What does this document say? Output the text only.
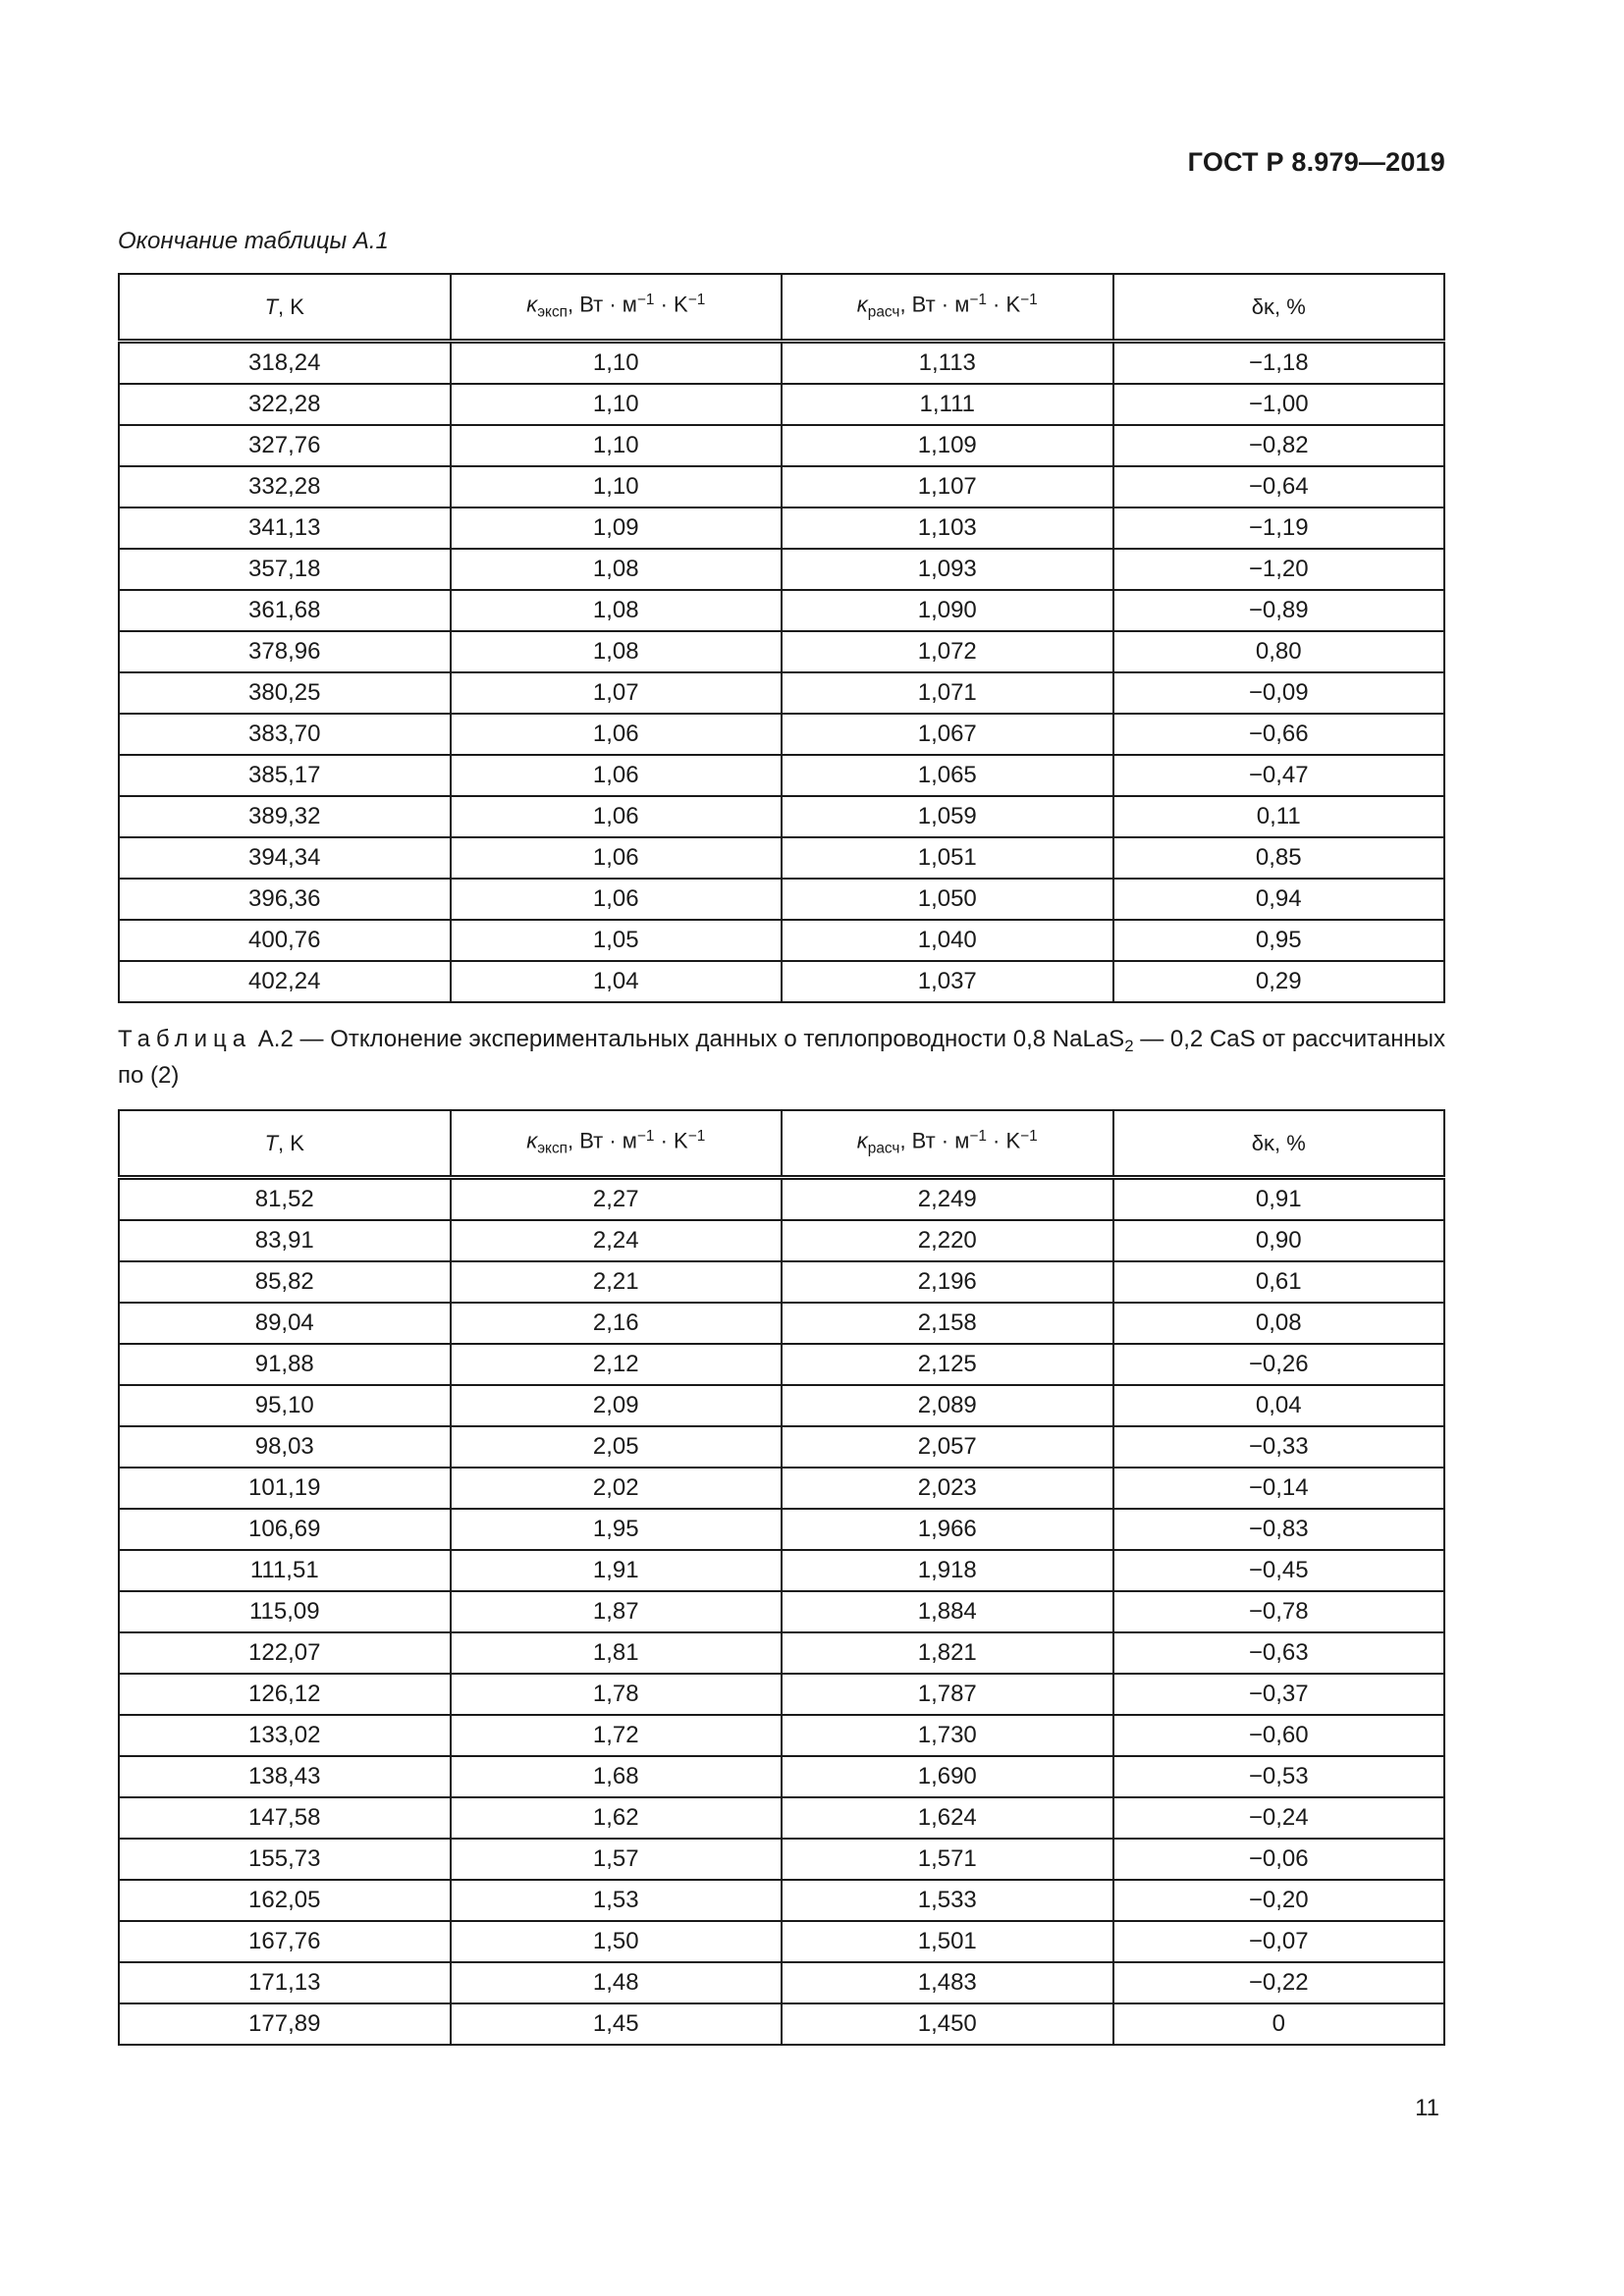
ГОСТ Р 8.979—2019
Окончание таблицы А.1
T, K	$\kappa_{эксп}$, Вт · $м^{-1} \cdot K^{-1}$	$\kappa_{расч}$, Вт · $м^{-1} \cdot K^{-1}$	δκ, %
318,24	1,10	1,113	−1,18
322,28	1,10	1,111	−1,00
327,76	1,10	1,109	−0,82
332,28	1,10	1,107	−0,64
341,13	1,09	1,103	−1,19
357,18	1,08	1,093	−1,20
361,68	1,08	1,090	−0,89
378,96	1,08	1,072	0,80
380,25	1,07	1,071	−0,09
383,70	1,06	1,067	−0,66
385,17	1,06	1,065	−0,47
389,32	1,06	1,059	0,11
394,34	1,06	1,051	0,85
396,36	1,06	1,050	0,94
400,76	1,05	1,040	0,95
402,24	1,04	1,037	0,29
Таблица А.2 — Отклонение экспериментальных данных о теплопроводности 0,8 NaLaS$_2$ — 0,2 CaS от рассчитанных по (2)
T, K	$\kappa_{эксп}$, Вт · $м^{-1} \cdot K^{-1}$	$\kappa_{расч}$, Вт · $м^{-1} \cdot K^{-1}$	δκ, %
81,52	2,27	2,249	0,91
83,91	2,24	2,220	0,90
85,82	2,21	2,196	0,61
89,04	2,16	2,158	0,08
91,88	2,12	2,125	−0,26
95,10	2,09	2,089	0,04
98,03	2,05	2,057	−0,33
101,19	2,02	2,023	−0,14
106,69	1,95	1,966	−0,83
111,51	1,91	1,918	−0,45
115,09	1,87	1,884	−0,78
122,07	1,81	1,821	−0,63
126,12	1,78	1,787	−0,37
133,02	1,72	1,730	−0,60
138,43	1,68	1,690	−0,53
147,58	1,62	1,624	−0,24
155,73	1,57	1,571	−0,06
162,05	1,53	1,533	−0,20
167,76	1,50	1,501	−0,07
171,13	1,48	1,483	−0,22
177,89	1,45	1,450	0
11
